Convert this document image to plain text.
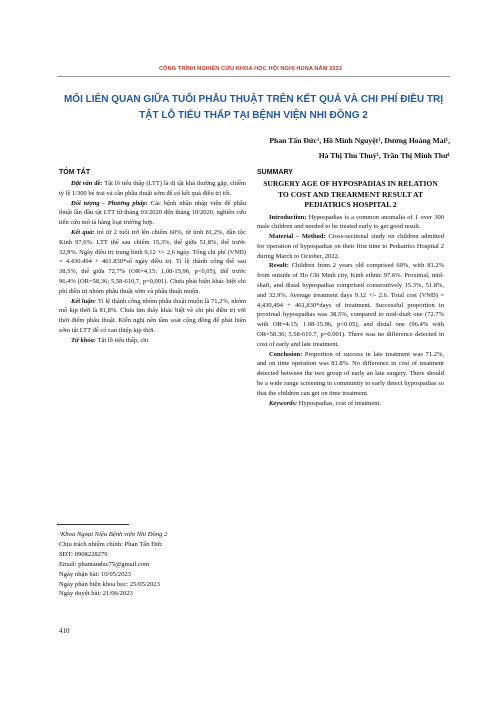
CÔNG TRÌNH NGHIÊN CỨU KHOA HỌC HỘI NGHỊ HUNA NĂM 2023
MỐI LIÊN QUAN GIỮA TUỔI PHẪU THUẬT TRÊN KẾT QUẢ VÀ CHI PHÍ ĐIỀU TRỊ TẬT LỖ TIỂU THẤP TẠI BỆNH VIỆN NHI ĐỒNG 2
Phan Tấn Đức¹, Hồ Minh Nguyệt¹, Dương Hoàng Mai¹,
Hà Thị Thu Thuỷ¹, Trần Thị Minh Thư¹
TÓM TẮT

Đặt vấn đề: Tật lỗ tiểu thấp (LTT) là dị tật khá thường gặp, chiếm tỷ lệ 1/300 bé trai và cần phẫu thuật sớm để có kết quả điều trị tốt.

Đối tượng - Phương pháp: Các bệnh nhân nhập viện để phẫu thuật lần đầu tật LTT từ tháng 03/2020 đến tháng 10/2020, nghiên cứu tiến cứu mô tả hàng loạt trường hợp.

Kết quả: trẻ từ 2 tuổi trở lên chiếm 60%, từ tỉnh 81,2%, dân tộc Kinh 97,6%. LTT thể sau chiếm 15,3%, thể giữa 51,8%, thể trước 32,9%. Ngày điều trị trung bình 9,12 +/- 2,6 ngày. Tổng chi phí (VNĐ) = 4.430.494 + 461.830*số ngày điều trị. Tỉ lệ thành công thể sau 38,5%, thể giữa 72,7% (OR=4,15; 1,08-15,96, p<0,05), thể trước 96,4% (OR=58,36; 5,58-610,7, p=0,001). Chưa phát hiện khác biệt chi phí điều trị nhóm phẫu thuật sớm và phẫu thuật muộn.

Kết luận: Tỉ lệ thành công nhóm phẫu thuật muộn là 71,2%, nhóm mổ kịp thời là 81,8%. Chưa tìm thấy khác biệt về chi phí điều trị với thời điểm phẫu thuật. Kiến nghị nên tầm soát cộng đồng để phát hiện sớm tật LTT để có can thiệp kịp thời.

Từ khóa: Tật lỗ tiểu thấp, chi

SUMMARY
SURGERY AGE OF HYPOSPADIAS IN RELATION TO COST AND TREARMENT RESULT AT PEDIATRICS HOSPITAL 2

Introduction: Hypospadias is a common anomalia of 1 over 300 male children and needed to be treated early to get good result.

Material – Method: Cross-sectional study on children admitted for operation of hypospadias on their first time to Pediatrics Hospital 2 during March to October, 2022.

Result: Children from 2 years old comprised 60%, with 81.2% from outside of Ho Chi Minh city, Kinh ethnic 97.6%. Proximal, mid-shaft, and distal hypospadias comprised consecutively 15.3%, 51.8%, and 32.9%. Average treatment days 9.12 +/- 2.6. Total cost (VNĐ) = 4,430,494 + 461,830*days of treatment. Successful proportion in proximal hypospadias was 38.5%, compared to mid-shaft one (72.7% with OR=4.15; 1.08-15.96, p<0.05), and distal one (96.4% with OR=58.36; 5.58-610.7, p=0.001). There was no difference detected in cost of early and late treatment.

Conclusion: Proportion of success in late treatment was 71.2%, and on time operation was 81.8%. No difference in cost of treatment detected between the two group of early an late surgery. There should be a wide range screening in community to early detect hypospadias so that the children can get on time treatment.

Keywords: Hypospadias, cost of treatment.

¹Khoa Ngoại Niệu Bệnh viện Nhi Đồng 2
Chịu trách nhiệm chính: Phan Tấn Đức
SĐT: 0908228279
Email: phantanduc75@gmail.com
Ngày nhận bài: 10/05/2023
Ngày phản biện khoa học: 25/05/2023
Ngày duyệt bài: 21/06/2023
410
